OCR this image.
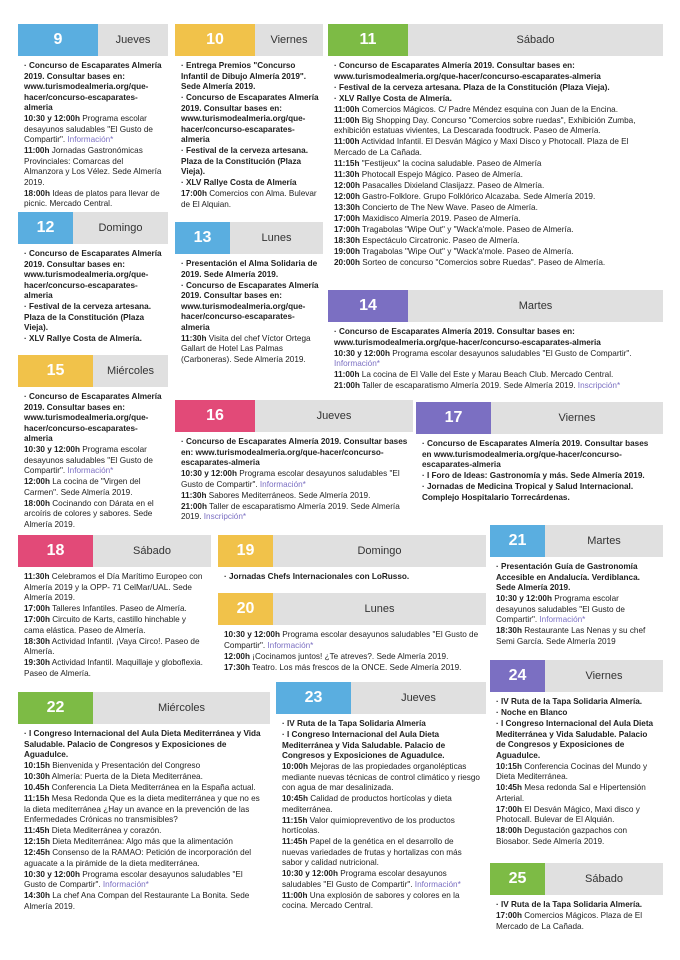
9	Jueves

· Concurso de Escaparates Almería 2019. Consultar bases en: www.turismodealmeria.org/que-hacer/concurso-escaparates-almeria

10:30 y 12:00h Programa escolar desayunos saludables "El Gusto de Compartir". Información*

11:00h Jornadas Gastronómicas Provinciales: Comarcas del Almanzora y Los Vélez. Sede Almería 2019.

18:00h Ideas de platos para llevar de picnic. Mercado Central.

10	Viernes

· Entrega Premios "Concurso Infantil de Dibujo Almería 2019". Sede Almería 2019.

· Concurso de Escaparates Almería 2019. Consultar bases en: www.turismodealmeria.org/que-hacer/concurso-escaparates-almeria

· Festival de la cerveza artesana. Plaza de la Constitución (Plaza Vieja).

· XLV Rallye Costa de Almería

17:00h Comercios con Alma. Bulevar de El Alquian.

11	Sábado

· Concurso de Escaparates Almería 2019. Consultar bases en: www.turismodealmeria.org/que-hacer/concurso-escaparates-almeria

· Festival de la cerveza artesana. Plaza de la Constitución (Plaza Vieja).

· XLV Rallye Costa de Almería.

11:00h Comercios Mágicos. C/ Padre Méndez esquina con Juan de la Encina.

11:00h Big Shopping Day. Concurso "Comercios sobre ruedas", Exhibición Zumba, exhibición estatuas vivientes, La Descarada foodtruck. Paseo de Almería.

11:00h Actividad Infantil. El Desván Mágico y Maxi Disco y Photocall. Plaza de El Mercado de La Cañada.

11:15h "Festijeux" la cocina saludable. Paseo de Almería

11:30h Photocall Espejo Mágico. Paseo de Almería.

12:00h Pasacalles Dixieland Clasijazz. Paseo de Almería.

12:00h Gastro-Folklore. Grupo Folklórico Alcazaba. Sede Almería 2019.

13:30h Concierto de The New Wave. Paseo de Almería.

17:00h Maxidisco Almería 2019. Paseo de Almería.

17:00h Tragabolas "Wipe Out" y "Wack'a'mole. Paseo de Almería.

18:30h Espectáculo Circatronic. Paseo de Almería.

19:00h Tragabolas "Wipe Out" y "Wack'a'mole. Paseo de Almería.

20:00h Sorteo de concurso "Comercios sobre Ruedas". Paseo de Almería.

12	Domingo

· Concurso de Escaparates Almería 2019. Consultar bases en: www.turismodealmeria.org/que-hacer/concurso-escaparates-almeria

· Festival de la cerveza artesana. Plaza de la Constitución (Plaza Vieja).

· XLV Rallye Costa de Almería.

13	Lunes

· Presentación el Alma Solidaria de 2019. Sede Almería 2019.

· Concurso de Escaparates Almería 2019. Consultar bases en: www.turismodealmeria.org/que-hacer/concurso-escaparates-almeria

11:30h Visita del chef Víctor Ortega Gallart de Hotel Las Palmas (Carboneras). Sede Almería 2019.

14	Martes

· Concurso de Escaparates Almería 2019. Consultar bases en: www.turismodealmeria.org/que-hacer/concurso-escaparates-almeria

10:30 y 12:00h Programa escolar desayunos saludables "El Gusto de Compartir". Información*

11:00h La cocina de El Valle del Este y Marau Beach Club. Mercado Central.

21:00h Taller de escaparatismo Almería 2019. Sede Almería 2019. Inscripción*

15	Miércoles

· Concurso de Escaparates Almería 2019. Consultar bases en: www.turismodealmeria.org/que-hacer/concurso-escaparates-almeria

10:30 y 12:00h Programa escolar desayunos saludables "El Gusto de Compartir". Información*

12:00h La cocina de "Virgen del Carmen". Sede Almería 2019.

18:00h Cocinando con Dárata en el arcoíris de colores y sabores. Sede Almería 2019.

16	Jueves

· Concurso de Escaparates Almería 2019. Consultar bases en: www.turismodealmeria.org/que-hacer/concurso-escaparates-almeria

10:30 y 12:00h Programa escolar desayunos saludables "El Gusto de Compartir". Información*

11:30h Sabores Mediterráneos. Sede Almería 2019.

21:00h Taller de escaparatismo Almería 2019. Sede Almería 2019. Inscripción*

17	Viernes

· Concurso de Escaparates Almería 2019. Consultar bases en www.turismodealmeria.org/que-hacer/concurso-escaparates-almeria

· I Foro de Ideas: Gastronomía y más. Sede Almería 2019.

· Jornadas de Medicina Tropical y Salud Internacional. Complejo Hospitalario Torrecárdenas.

18	Sábado

11:30h Celebramos el Día Marítimo Europeo con Almería 2019 y la OPP- 71 CelMar/UAL. Sede Almería 2019.

17:00h Talleres Infantiles. Paseo de Almería.

17:00h Circuito de Karts, castillo hinchable y cama elástica. Paseo de Almería.

18:30h Actividad Infantil. ¡Vaya Circo!. Paseo de Almería.

19:30h Actividad Infantil. Maquillaje y globoflexia. Paseo de Almería.

19	Domingo

· Jornadas Chefs Internacionales con LoRusso.

20	Lunes

10:30 y 12:00h Programa escolar desayunos saludables "El Gusto de Compartir". Información*

12:00h ¡Cocinamos juntos! ¿Te atreves?. Sede Almería 2019.

17:30h Teatro. Los más frescos de la ONCE. Sede Almería 2019.

21	Martes

· Presentación Guía de Gastronomía Accesible en Andalucía. Verdiblanca. Sede Almería 2019.

10:30 y 12:00h Programa escolar desayunos saludables "El Gusto de Compartir". Información*

18:30h Restaurante Las Nenas y su chef Semi García. Sede Almería 2019

24	Viernes

· IV Ruta de la Tapa Solidaria Almería.

· Noche en Blanco

· I Congreso Internacional del Aula Dieta Mediterránea y Vida Saludable. Palacio de Congresos y Exposiciones de Aguadulce.

10:15h Conferencia Cocinas del Mundo y Dieta Mediterránea.

10:45h Mesa redonda Sal e Hipertensión Arterial.

17:00h El Desván Mágico, Maxi disco y Photocall. Bulevar de El Alquián.

18:00h Degustación gazpachos con Biosabor. Sede Almería 2019.

22	Miércoles

· I Congreso Internacional del Aula Dieta Mediterránea y Vida Saludable. Palacio de Congresos y Exposiciones de Aguadulce.

10:15h Bienvenida y Presentación del Congreso

10:30h Almería: Puerta de la Dieta Mediterránea.

10.45h Conferencia La Dieta Mediterránea en la España actual.

11:15h Mesa Redonda Que es la dieta mediterránea y que no es la dieta mediterránea ¿Hay un avance en la prevención de las Enfermedades Crónicas no transmisibles?

11:45h Dieta Mediterránea y corazón.

12:15h Dieta Mediterránea: Algo más que la alimentación

12:45h Consenso de la RAMAO: Petición de incorporación del aguacate a la pirámide de la dieta mediterránea.

10:30 y 12:00h Programa escolar desayunos saludables "El Gusto de Compartir". Información*

14:30h La chef Ana Compan del Restaurante La Bonita. Sede Almería 2019.

23	Jueves

· IV Ruta de la Tapa Solidaria Almería

· I Congreso Internacional del Aula Dieta Mediterránea y Vida Saludable. Palacio de Congresos y Exposiciones de Aguadulce.

10:00h Mejoras de las propiedades organolépticas mediante nuevas técnicas de control climático y riesgo con agua de mar desalinizada.

10:45h Calidad de productos hortícolas y dieta mediterránea.

11:15h Valor quimiopreventivo de los productos hortícolas.

11:45h Papel de la genética en el desarrollo de nuevas variedades de frutas y hortalizas con más sabor y calidad nutricional.

10:30 y 12:00h Programa escolar desayunos saludables "El Gusto de Compartir". Información*

11:00h Una explosión de sabores y colores en la cocina. Mercado Central.

25	Sábado

· IV Ruta de la Tapa Solidaria Almería.

17:00h Comercios Mágicos. Plaza de El Mercado de La Cañada.
